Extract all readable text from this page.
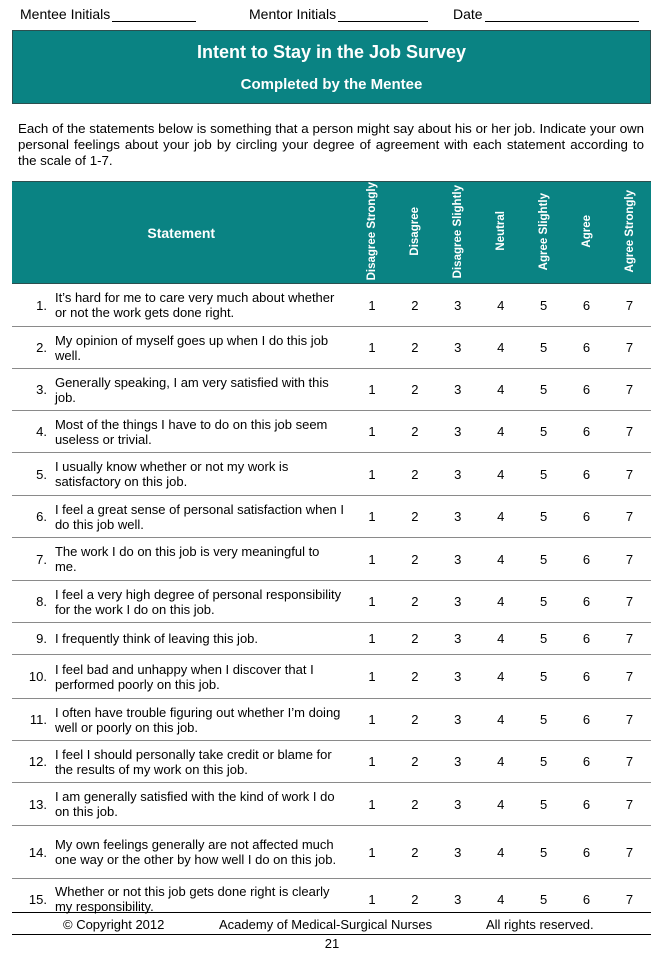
Mentee Initials	Mentor Initials	Date
Intent to Stay in the Job Survey
Completed by the Mentee

Each of the statements below is something that a person might say about his or her job. Indicate your own personal feelings about your job by circling your degree of agreement with each statement according to the scale of 1-7.

Statement		Disagree Strongly	Disagree	Disagree Slightly	Neutral	Agree Slightly	Agree	Agree Strongly
1.	It’s hard for me to care very much about whether or not the work gets done right.	1	2	3	4	5	6	7
2.	My opinion of myself goes up when I do this job well.	1	2	3	4	5	6	7
3.	Generally speaking, I am very satisfied with this job.	1	2	3	4	5	6	7
4.	Most of the things I have to do on this job seem useless or trivial.	1	2	3	4	5	6	7
5.	I usually know whether or not my work is satisfactory on this job.	1	2	3	4	5	6	7
6.	I feel a great sense of personal satisfaction when I do this job well.	1	2	3	4	5	6	7
7.	The work I do on this job is very meaningful to me.	1	2	3	4	5	6	7
8.	I feel a very high degree of personal responsibility for the work I do on this job.	1	2	3	4	5	6	7
9.	I frequently think of leaving this job.	1	2	3	4	5	6	7
10.	I feel bad and unhappy when I discover that I performed poorly on this job.	1	2	3	4	5	6	7
11.	I often have trouble figuring out whether I’m doing well or poorly on this job.	1	2	3	4	5	6	7
12.	I feel I should personally take credit or blame for the results of my work on this job.	1	2	3	4	5	6	7
13.	I am generally satisfied with the kind of work I do on this job.	1	2	3	4	5	6	7
14.	My own feelings generally are not affected much one way or the other by how well I do on this job.	1	2	3	4	5	6	7
15.	Whether or not this job gets done right is clearly my responsibility.	1	2	3	4	5	6	7
© Copyright 2012	Academy of Medical-Surgical Nurses	All rights reserved.
21
